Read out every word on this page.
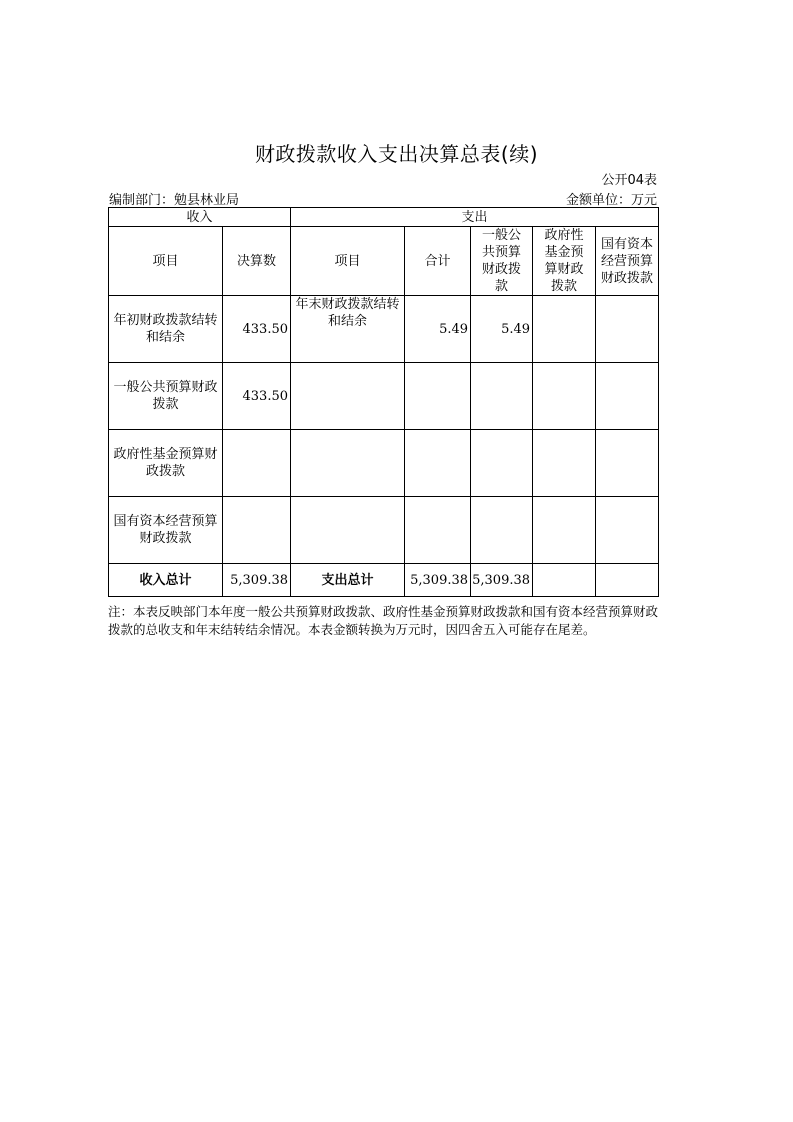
财政拨款收入支出决算总表(续)
公开04表
编制部门：勉县林业局	金额单位：万元
收入		支出				
项目	决算数	项目	合计	一般公共预算财政拨款	政府性基金预算财政拨款	国有资本经营预算财政拨款
年初财政拨款结转和结余	433.50	年末财政拨款结转和结余	5.49	5.49		
一般公共预算财政拨款	433.50					
政府性基金预算财政拨款						
国有资本经营预算财政拨款						
收入总计	5,309.38	支出总计	5,309.38	5,309.38		
注：本表反映部门本年度一般公共预算财政拨款、政府性基金预算财政拨款和国有资本经营预算财政拨款的总收支和年末结转结余情况。本表金额转换为万元时，因四舍五入可能存在尾差。
